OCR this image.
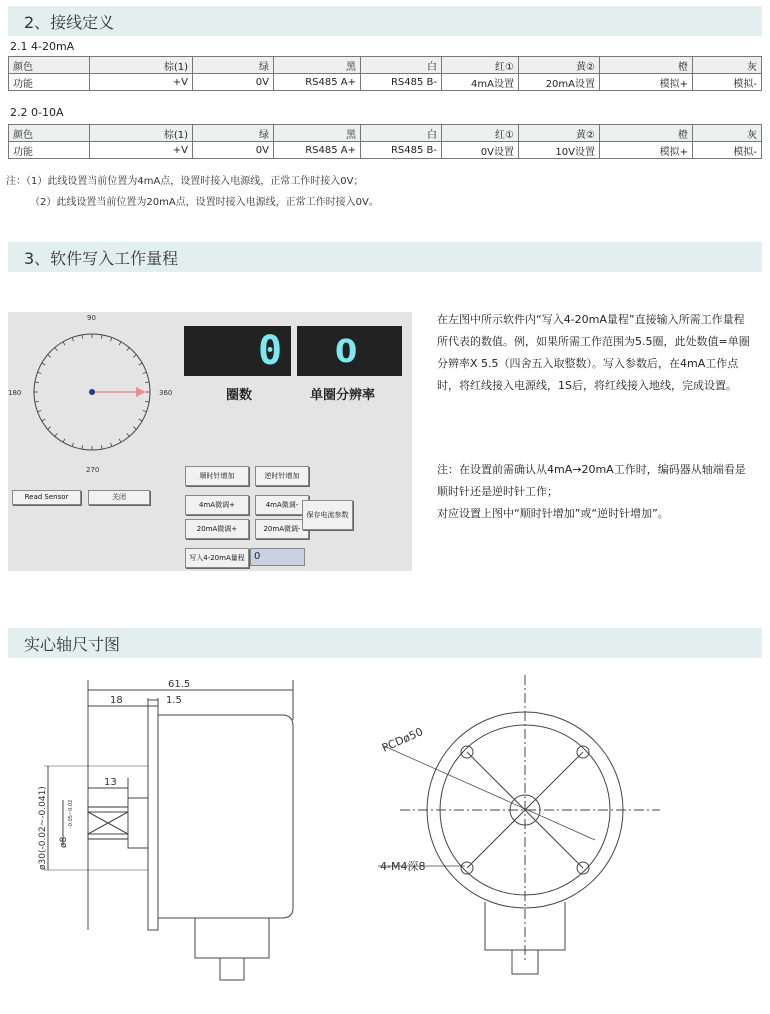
2、接线定义
2.1 4-20mA
颜色	棕(1)	绿	黑	白	红①	黄②	橙	灰
功能	+V	0V	RS485 A+	RS485 B-	4mA设置	20mA设置	模拟+	模拟-
2.2 0-10A
颜色	棕(1)	绿	黑	白	红①	黄②	橙	灰
功能	+V	0V	RS485 A+	RS485 B-	0V设置	10V设置	模拟+	模拟-
注：（1）此线设置当前位置为4mA点，设置时接入电源线，正常工作时接入0V；
（2）此线设置当前位置为20mA点，设置时接入电源线，正常工作时接入0V。
3、软件写入工作量程
90
180	360
270
0 0
圈数	单圈分辨率
Read Sensor	关闭
顺时针增加	逆时针增加
4mA微调+	4mA微调-
20mA微调+	20mA微调-
保存电流参数
写入4-20mA量程 0
在左图中所示软件内“写入4-20mA量程”直接输入所需工作量程所代表的数值。例，如果所需工作范围为5.5圈，此处数值=单圈分辨率X 5.5（四舍五入取整数）。写入参数后，在4mA工作点时，将红线接入电源线，1S后，将红线接入地线，完成设置。
注：在设置前需确认从4mA→20mA工作时，编码器从轴端看是顺时针还是逆时针工作；
对应设置上图中“顺时针增加”或“逆时针增加”。
实心轴尺寸图
61.5
18	1.5
13
ø30(-0.02~-0.041) ø8
-0.05~0.02
PCDø50
4-M4深8
